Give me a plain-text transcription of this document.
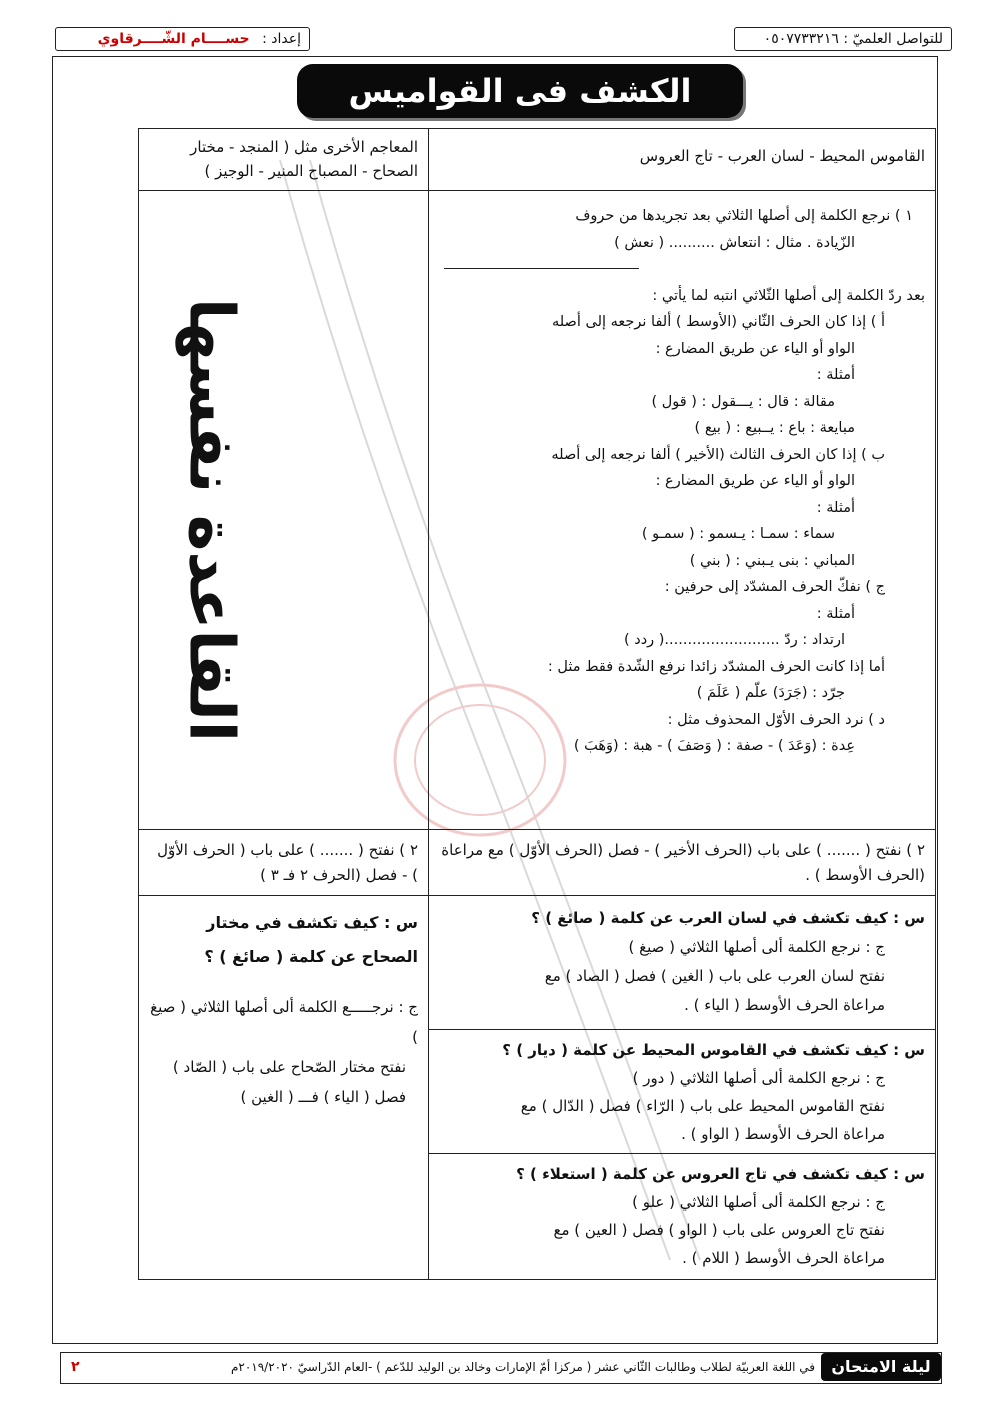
للتواصل العلميّ : ٠٥٠٧٧٣٣٢١٦
إعداد : حســــام الشّــــرقاوي
الكشف فى القواميس والمعاجم	القاموس المحيط - لسان العرب - تاج العروس

المعاجم الأخرى مثل ( المنجد - مختار الصحاح - المصباح المنير - الوجيز )

١ ) نرجع الكلمة إلى أصلها الثلاثي بعد تجريدها من حروف

الزّيادة . مثال : انتعاش .......... ( نعش )

بعد ردّ الكلمة إلى أصلها الثّلاثي انتبه لما يأتي :

أ ) إذا كان الحرف الثّاني (الأوسط ) ألفا نرجعه إلى أصله

الواو أو الياء عن طريق المضارع :

أمثلة :

مقالة : قال : يـــقول : ( قول )

مبايعة : باع : يــبيع : ( بيع )

ب ) إذا كان الحرف الثالث (الأخير ) ألفا نرجعه إلى أصله

الواو أو الياء عن طريق المضارع :

أمثلة :

سماء : سمـا : يـسمو : ( سمـو )

المباني : بنى يـبني : ( بني )

ج ) نفكّ الحرف المشدّد إلى حرفين :

أمثلة :

ارتداد : ردّ .........................( ردد )

أما إذا كانت الحرف المشدّد زائدا نرفع الشّدة فقط مثل :

جرّد : (جَرَدَ) علّم ( عَلَمَ )

د ) نرد الحرف الأوّل المحذوف مثل :

عِدة : (وَعَدَ ) - صفة : ( وَصَفَ ) - هبة : (وَهَبَ )

القاعدة نفسها

٢ ) نفتح ( ....... ) على باب (الحرف الأخير ) - فصل (الحرف الأوّل ) مع مراعاة (الحرف الأوسط ) .

٢ ) نفتح ( ....... ) على باب ( الحرف الأوّل ) - فصل (الحرف ٢ فـ ٣ )

س : كيف تكشف في لسان العرب عن كلمة ( صائغ ) ؟

ج : نرجع الكلمة ألى أصلها الثلاثي ( صيغ )

نفتح لسان العرب على باب ( الغين ) فصل ( الصاد ) مع

مراعاة الحرف الأوسط ( الياء ) .

س : كيف تكشف في القاموس المحيط عن كلمة ( ديار ) ؟

ج : نرجع الكلمة ألى أصلها الثلاثي ( دور )

نفتح القاموس المحيط على باب ( الرّاء ) فصل ( الدّال ) مع

مراعاة الحرف الأوسط ( الواو ) .

س : كيف تكشف في تاج العروس عن كلمة ( استعلاء ) ؟

ج : نرجع الكلمة ألى أصلها الثلاثي ( علو )

نفتح تاج العروس على باب ( الواو ) فصل ( العين ) مع

مراعاة الحرف الأوسط ( اللام ) .

س : كيف تكشف في مختار الصحاح عن كلمة ( صائغ ) ؟

ج : نرجـــــع الكلمة ألى أصلها الثلاثي ( صيغ )

نفتح مختار الصّحاح على باب ( الصّاد ) فصل ( الياء ) فـــ ( الغين )

ليلة الامتحان
في اللغة العربيّة لطلاب وطالبات الثّاني عشر ( مركزا أمّ الإمارات وخالد بن الوليد للدّعم ) -العام الدّراسيّ ٢٠١٩/٢٠٢٠م
٢
